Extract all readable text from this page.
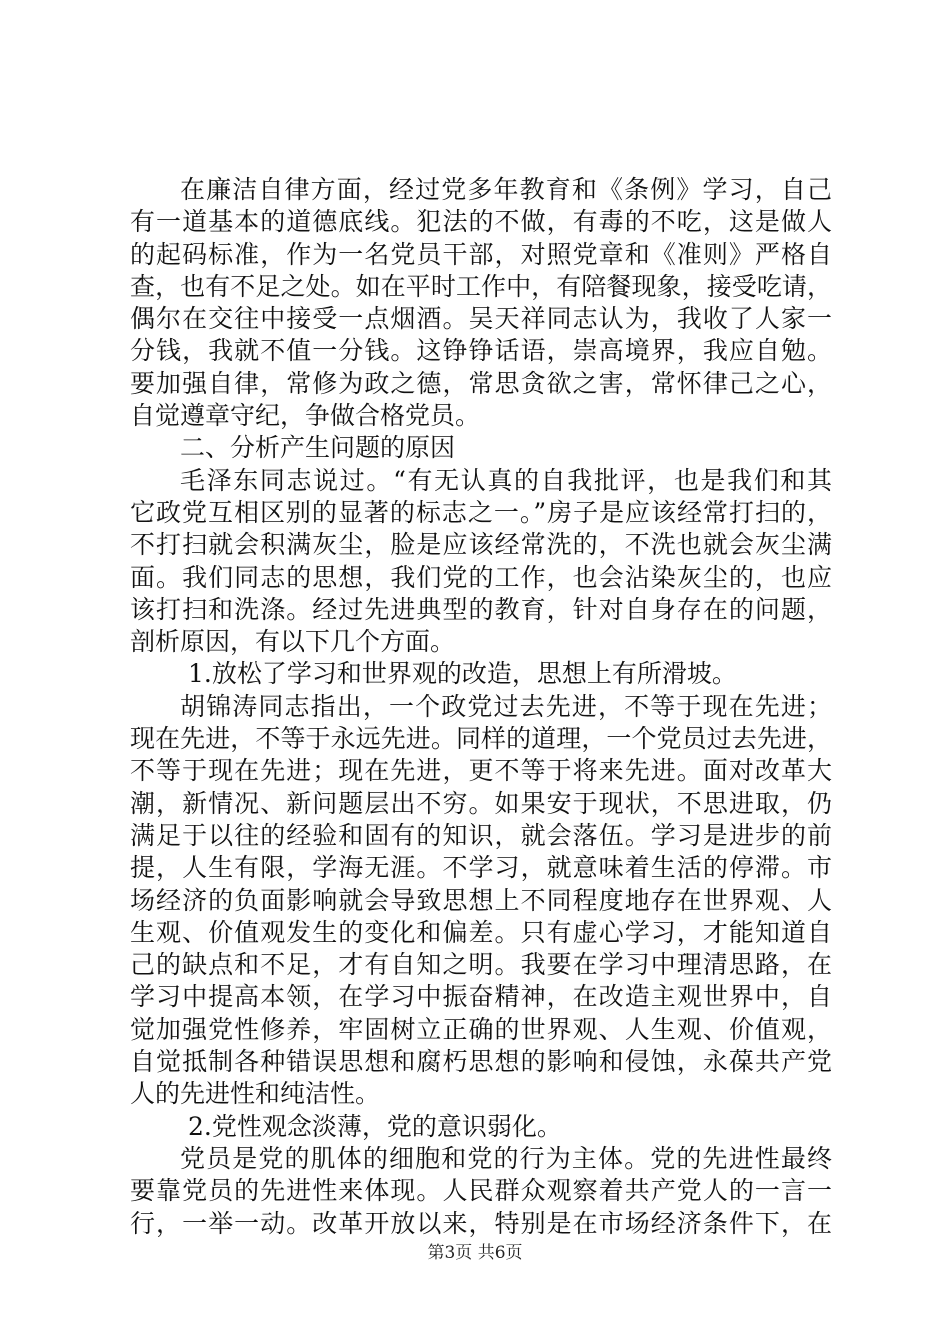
在廉洁自律方面，经过党多年教育和《条例》学习，自己
有一道基本的道德底线。犯法的不做，有毒的不吃，这是做人
的起码标准，作为一名党员干部，对照党章和《准则》严格自
查，也有不足之处。如在平时工作中，有陪餐现象，接受吃请，
偶尔在交往中接受一点烟酒。吴天祥同志认为，我收了人家一
分钱，我就不值一分钱。这铮铮话语，崇高境界，我应自勉。
要加强自律，常修为政之德，常思贪欲之害，常怀律己之心，
自觉遵章守纪，争做合格党员。
二、分析产生问题的原因
毛泽东同志说过。“有无认真的自我批评，也是我们和其
它政党互相区别的显著的标志之一。”房子是应该经常打扫的，
不打扫就会积满灰尘，脸是应该经常洗的，不洗也就会灰尘满
面。我们同志的思想，我们党的工作，也会沾染灰尘的，也应
该打扫和洗涤。经过先进典型的教育，针对自身存在的问题，
剖析原因，有以下几个方面。
1.放松了学习和世界观的改造，思想上有所滑坡。
胡锦涛同志指出，一个政党过去先进，不等于现在先进；
现在先进，不等于永远先进。同样的道理，一个党员过去先进，
不等于现在先进；现在先进，更不等于将来先进。面对改革大
潮，新情况、新问题层出不穷。如果安于现状，不思进取，仍
满足于以往的经验和固有的知识，就会落伍。学习是进步的前
提，人生有限，学海无涯。不学习，就意味着生活的停滞。市
场经济的负面影响就会导致思想上不同程度地存在世界观、人
生观、价值观发生的变化和偏差。只有虚心学习，才能知道自
己的缺点和不足，才有自知之明。我要在学习中理清思路，在
学习中提高本领，在学习中振奋精神，在改造主观世界中，自
觉加强党性修养，牢固树立正确的世界观、人生观、价值观，
自觉抵制各种错误思想和腐朽思想的影响和侵蚀，永葆共产党
人的先进性和纯洁性。
2.党性观念淡薄，党的意识弱化。
党员是党的肌体的细胞和党的行为主体。党的先进性最终
要靠党员的先进性来体现。人民群众观察着共产党人的一言一
行，一举一动。改革开放以来，特别是在市场经济条件下，在
第3页 共6页
